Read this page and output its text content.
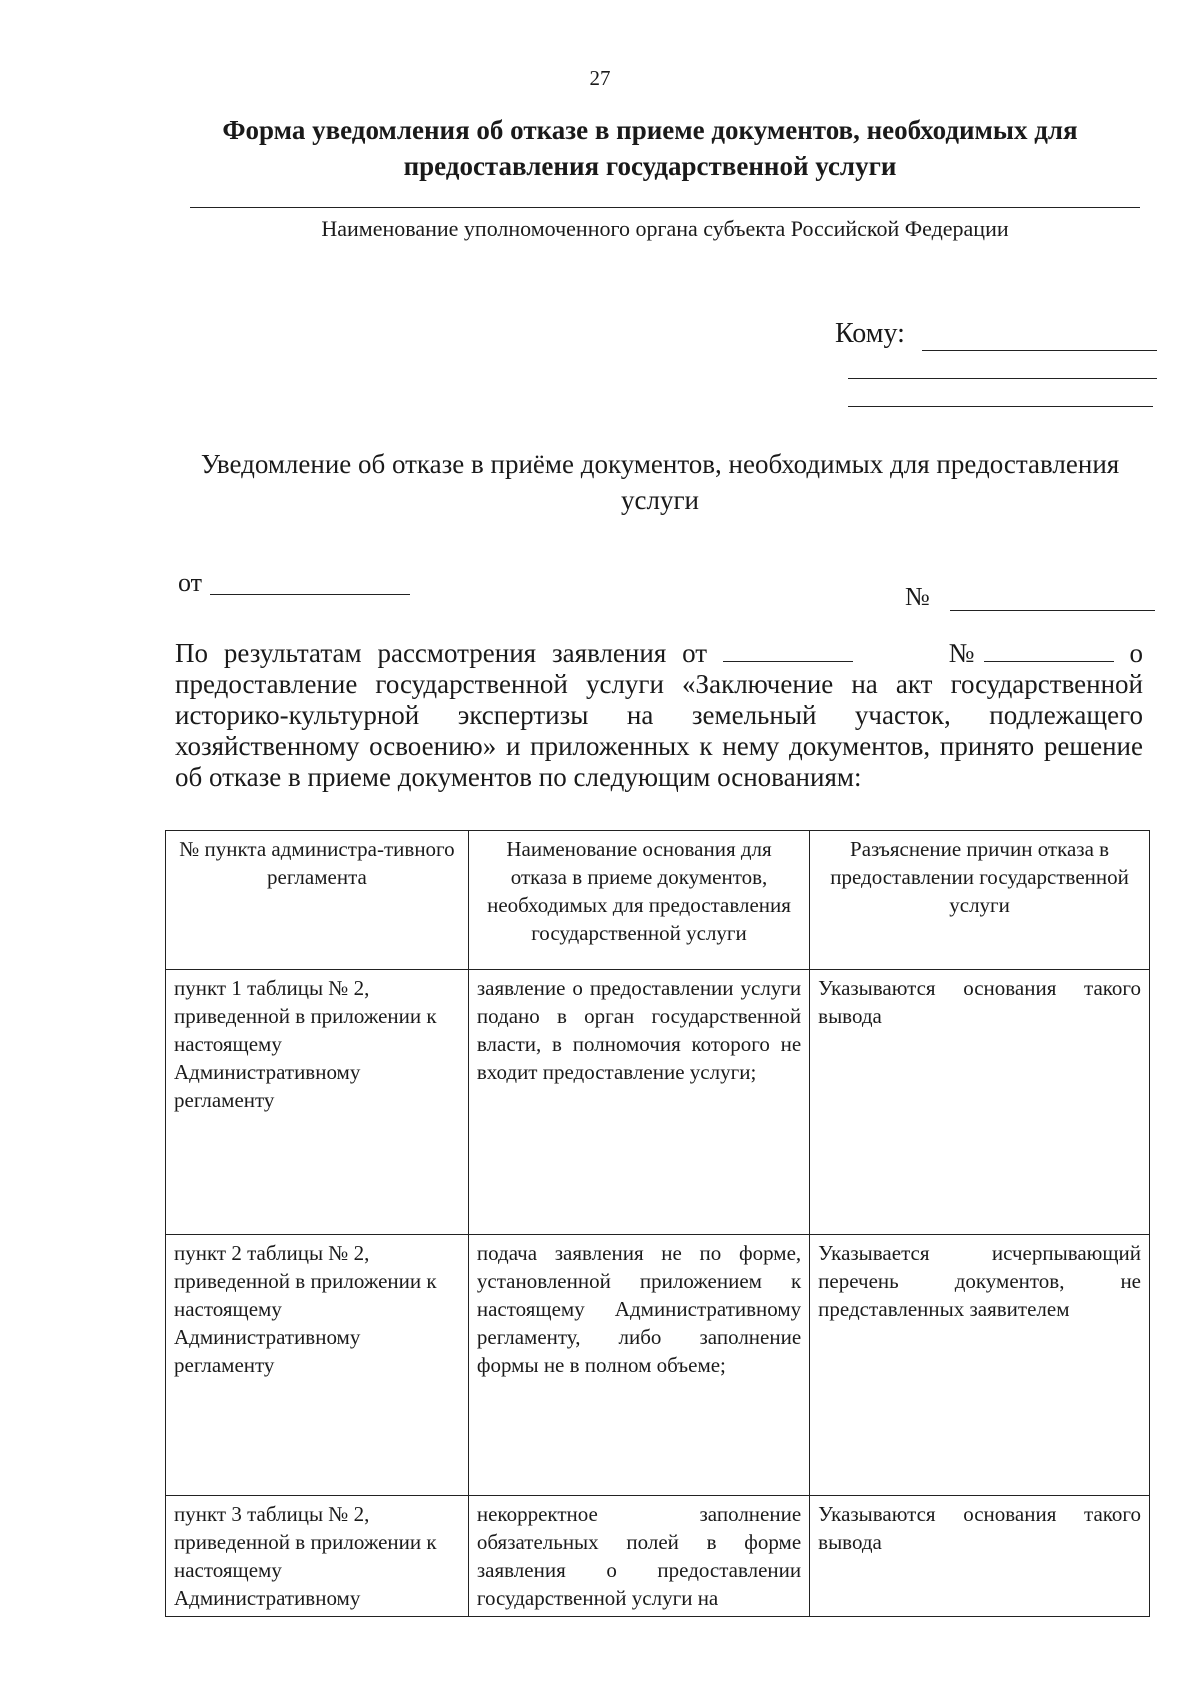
27
Форма уведомления об отказе в приеме документов, необходимых для предоставления государственной услуги
Наименование уполномоченного органа субъекта Российской Федерации
Кому:
Уведомление об отказе в приёме документов, необходимых для предоставления услуги
от	№
По результатам рассмотрения заявления от	№	о предоставление государственной услуги «Заключение на акт государственной историко-культурной экспертизы на земельный участок, подлежащего хозяйственному освоению» и приложенных к нему документов, принято решение об отказе в приеме документов по следующим основаниям:
№ пункта администра-тивного регламента	Наименование основания для отказа в приеме документов, необходимых для предоставления государственной услуги	Разъяснение причин отказа в предоставлении государственной услуги
пункт 1 таблицы № 2, приведенной в приложении к настоящему Административному регламенту	заявление о предоставлении услуги подано в орган государственной власти, в полномочия которого не входит предоставление услуги;	Указываются основания такого вывода
пункт 2 таблицы № 2, приведенной в приложении к настоящему Административному регламенту	подача заявления не по форме, установленной приложением к настоящему Административному регламенту, либо заполнение формы не в полном объеме;	Указывается исчерпывающий перечень документов, не представленных заявителем
пункт 3 таблицы № 2, приведенной в приложении к настоящему Административному	некорректное заполнение обязательных полей в форме заявления о предоставлении государственной услуги на	Указываются основания такого вывода
